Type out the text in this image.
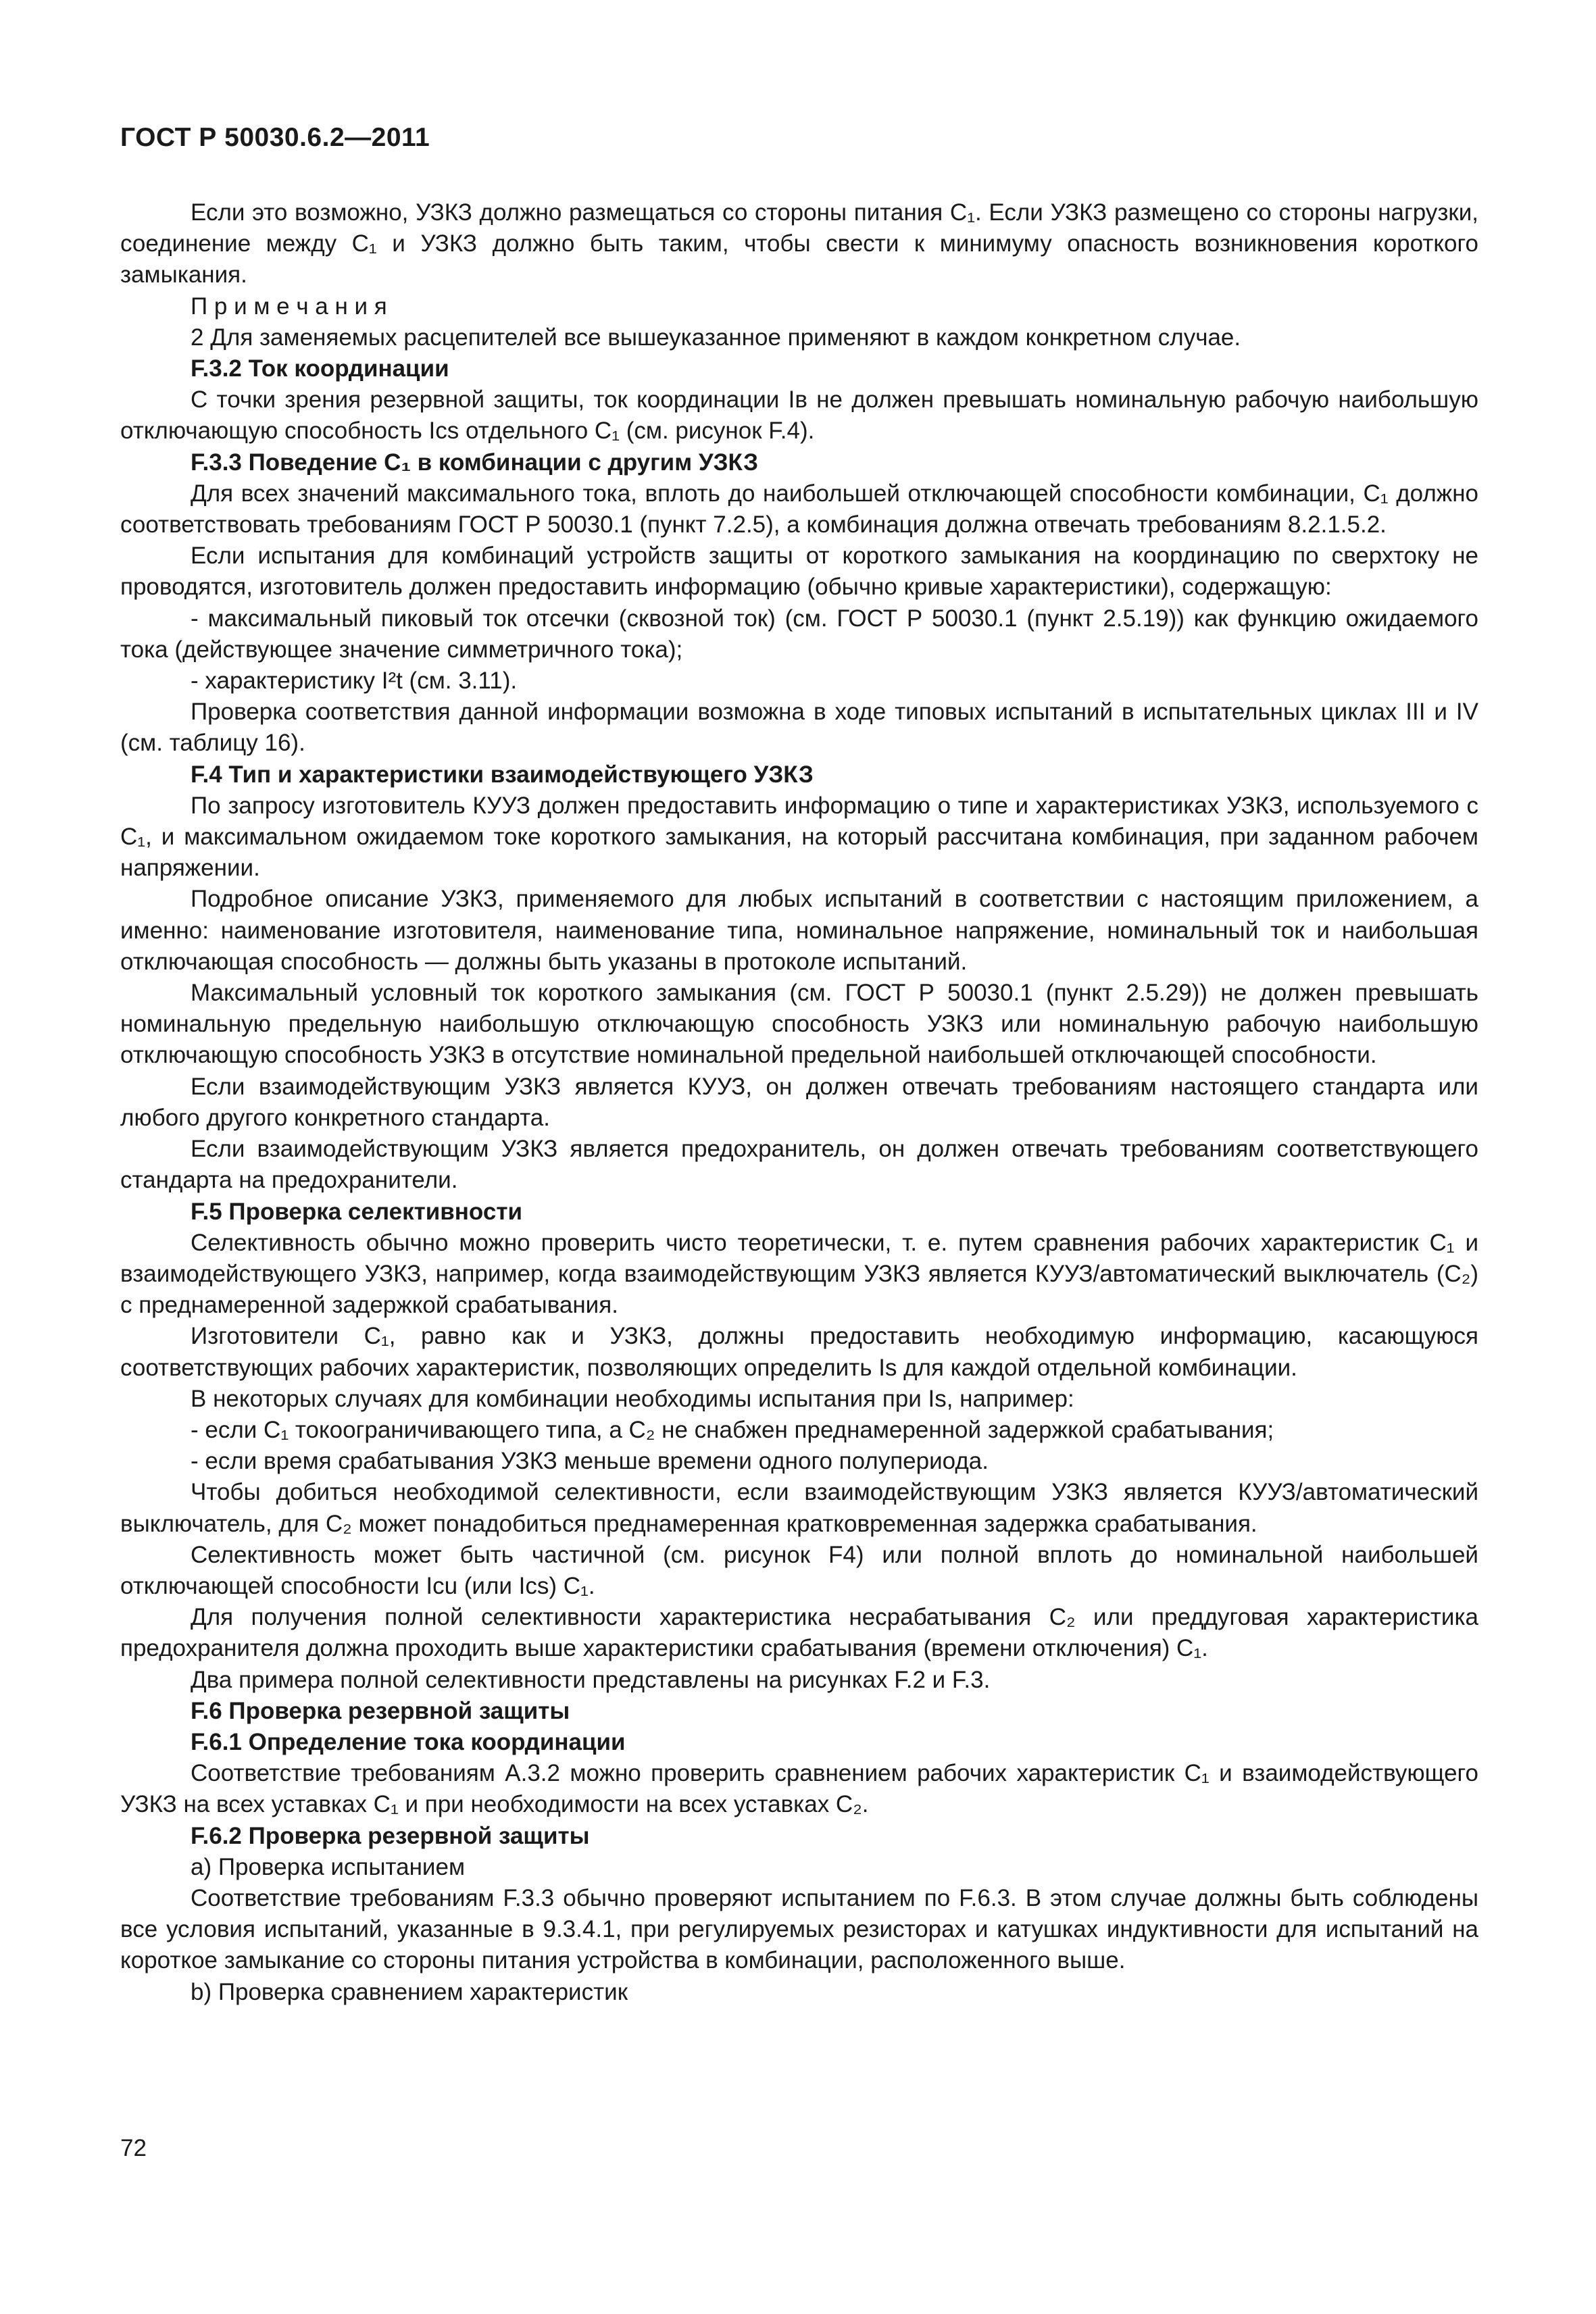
ГОСТ Р 50030.6.2—2011

Если это возможно, УЗКЗ должно размещаться со стороны питания C₁. Если УЗКЗ размещено со стороны нагрузки, соединение между C₁ и УЗКЗ должно быть таким, чтобы свести к минимуму опасность возникновения короткого замыкания.

П р и м е ч а н и я

2 Для заменяемых расцепителей все вышеуказанное применяют в каждом конкретном случае.

F.3.2 Ток координации

С точки зрения резервной защиты, ток координации Iв не должен превышать номинальную рабочую наибольшую отключающую способность Ics отдельного C₁ (см. рисунок F.4).

F.3.3 Поведение C₁ в комбинации с другим УЗКЗ

Для всех значений максимального тока, вплоть до наибольшей отключающей способности комбинации, C₁ должно соответствовать требованиям ГОСТ Р 50030.1 (пункт 7.2.5), а комбинация должна отвечать требованиям 8.2.1.5.2.

Если испытания для комбинаций устройств защиты от короткого замыкания на координацию по сверхтоку не проводятся, изготовитель должен предоставить информацию (обычно кривые характеристики), содержащую:

- максимальный пиковый ток отсечки (сквозной ток) (см. ГОСТ Р 50030.1 (пункт 2.5.19)) как функцию ожидаемого тока (действующее значение симметричного тока);

- характеристику I²t (см. 3.11).

Проверка соответствия данной информации возможна в ходе типовых испытаний в испытательных циклах III и IV (см. таблицу 16).

F.4 Тип и характеристики взаимодействующего УЗКЗ

По запросу изготовитель КУУЗ должен предоставить информацию о типе и характеристиках УЗКЗ, используемого с C₁, и максимальном ожидаемом токе короткого замыкания, на который рассчитана комбинация, при заданном рабочем напряжении.

Подробное описание УЗКЗ, применяемого для любых испытаний в соответствии с настоящим приложением, а именно: наименование изготовителя, наименование типа, номинальное напряжение, номинальный ток и наибольшая отключающая способность — должны быть указаны в протоколе испытаний.

Максимальный условный ток короткого замыкания (см. ГОСТ Р 50030.1 (пункт 2.5.29)) не должен превышать номинальную предельную наибольшую отключающую способность УЗКЗ или номинальную рабочую наибольшую отключающую способность УЗКЗ в отсутствие номинальной предельной наибольшей отключающей способности.

Если взаимодействующим УЗКЗ является КУУЗ, он должен отвечать требованиям настоящего стандарта или любого другого конкретного стандарта.

Если взаимодействующим УЗКЗ является предохранитель, он должен отвечать требованиям соответствующего стандарта на предохранители.

F.5 Проверка селективности

Селективность обычно можно проверить чисто теоретически, т. е. путем сравнения рабочих характеристик C₁ и взаимодействующего УЗКЗ, например, когда взаимодействующим УЗКЗ является КУУЗ/автоматический выключатель (C₂) с преднамеренной задержкой срабатывания.

Изготовители C₁, равно как и УЗКЗ, должны предоставить необходимую информацию, касающуюся соответствующих рабочих характеристик, позволяющих определить Is для каждой отдельной комбинации.

В некоторых случаях для комбинации необходимы испытания при Is, например:

- если C₁ токоограничивающего типа, а C₂ не снабжен преднамеренной задержкой срабатывания;

- если время срабатывания УЗКЗ меньше времени одного полупериода.

Чтобы добиться необходимой селективности, если взаимодействующим УЗКЗ является КУУЗ/автоматический выключатель, для C₂ может понадобиться преднамеренная кратковременная задержка срабатывания.

Селективность может быть частичной (см. рисунок F4) или полной вплоть до номинальной наибольшей отключающей способности Icu (или Ics) C₁.

Для получения полной селективности характеристика несрабатывания C₂ или преддуговая характеристика предохранителя должна проходить выше характеристики срабатывания (времени отключения) C₁.

Два примера полной селективности представлены на рисунках F.2 и F.3.

F.6 Проверка резервной защиты

F.6.1 Определение тока координации

Соответствие требованиям A.3.2 можно проверить сравнением рабочих характеристик C₁ и взаимодействующего УЗКЗ на всех уставках C₁ и при необходимости на всех уставках C₂.

F.6.2 Проверка резервной защиты

a) Проверка испытанием

Соответствие требованиям F.3.3 обычно проверяют испытанием по F.6.3. В этом случае должны быть соблюдены все условия испытаний, указанные в 9.3.4.1, при регулируемых резисторах и катушках индуктивности для испытаний на короткое замыкание со стороны питания устройства в комбинации, расположенного выше.

b) Проверка сравнением характеристик

72
